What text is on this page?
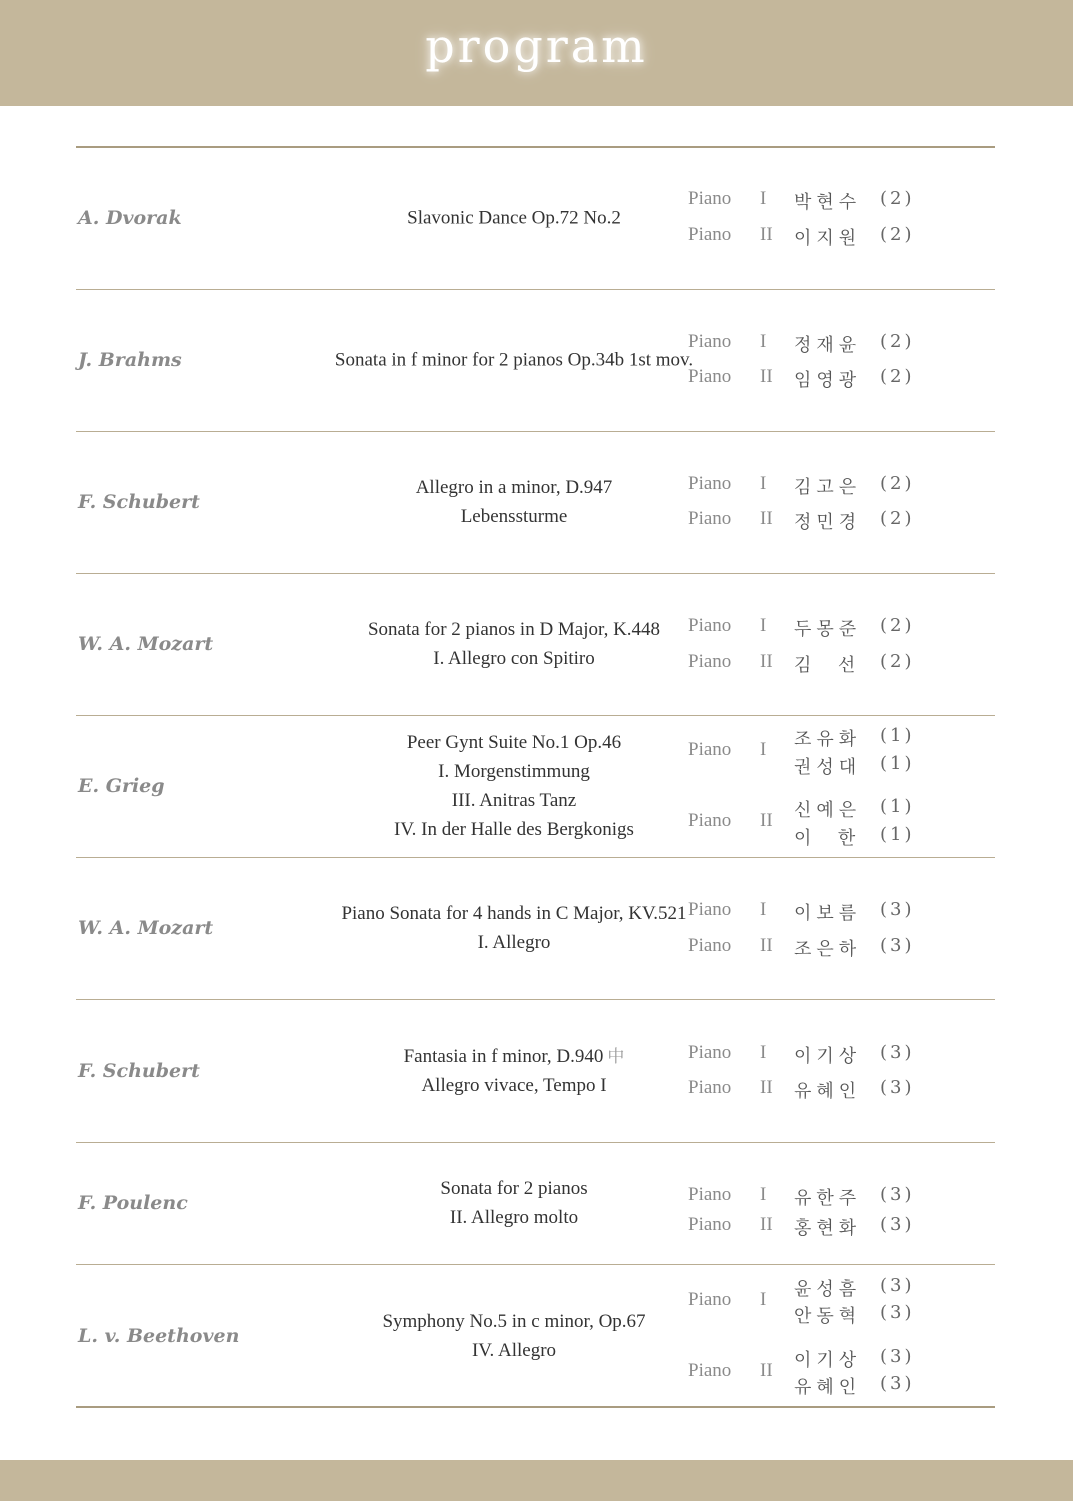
program
A. Dvorak	Slavonic Dance Op.72 No.2
Piano I 박현수 (2)
Piano II 이지원 (2)
J. Brahms	Sonata in f minor for 2 pianos Op.34b 1st mov.
Piano I 정재윤 (2)
Piano II 임영광 (2)
F. Schubert
Allegro in a minor, D.947
Lebenssturme
Piano I 김고은 (2)
Piano II 정민경 (2)
W. A. Mozart
Sonata for 2 pianos in D Major, K.448
I. Allegro con Spitiro
Piano I 두몽준 (2)
Piano II 김  선 (2)
E. Grieg
Peer Gynt Suite No.1 Op.46
I. Morgenstimmung
III. Anitras Tanz
IV. In der Halle des Bergkonigs
Piano I 조유화 (1)
권성대 (1)
Piano II 신예은 (1)
이  한 (1)
W. A. Mozart
Piano Sonata for 4 hands in C Major, KV.521
I. Allegro
Piano I 이보름 (3)
Piano II 조은하 (3)
F. Schubert
Fantasia in f minor, D.940 中
Allegro vivace, Tempo I
Piano I 이기상 (3)
Piano II 유혜인 (3)
F. Poulenc
Sonata for 2 pianos
II. Allegro molto
Piano I 유한주 (3)
Piano II 홍현화 (3)
L. v. Beethoven
Symphony No.5 in c minor, Op.67
IV. Allegro
Piano I 윤성흠 (3)
안동혁 (3)
Piano II 이기상 (3)
유혜인 (3)
